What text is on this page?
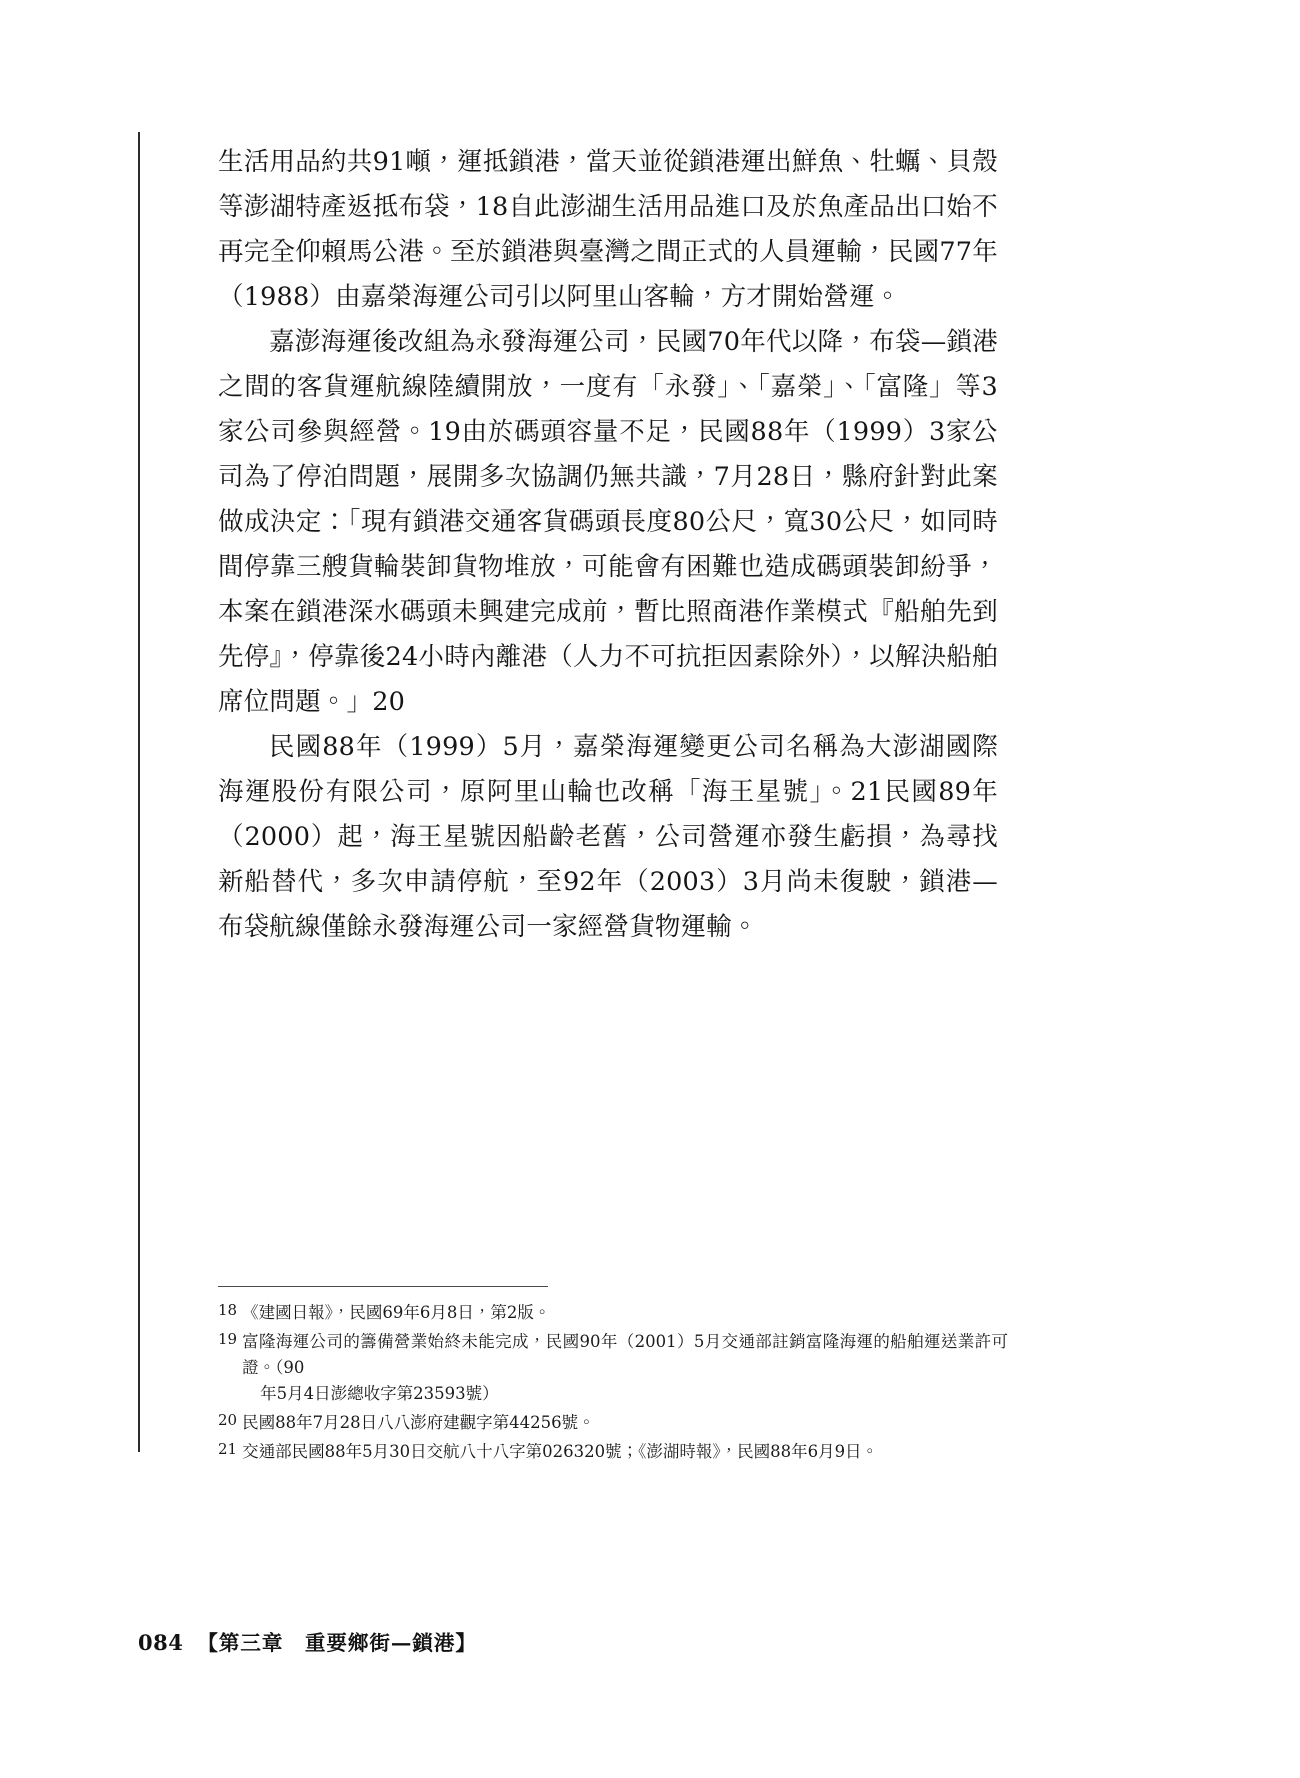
生活用品約共91噸，運抵鎖港，當天並從鎖港運出鮮魚、牡蠣、貝殼等澎湖特產返抵布袋，18自此澎湖生活用品進口及於魚產品出口始不再完全仰賴馬公港。至於鎖港與臺灣之間正式的人員運輸，民國77年（1988）由嘉榮海運公司引以阿里山客輪，方才開始營運。

嘉澎海運後改組為永發海運公司，民國70年代以降，布袋—鎖港之間的客貨運航線陸續開放，一度有「永發」、「嘉榮」、「富隆」等3家公司參與經營。19由於碼頭容量不足，民國88年（1999）3家公司為了停泊問題，展開多次協調仍無共識，7月28日，縣府針對此案做成決定：「現有鎖港交通客貨碼頭長度80公尺，寬30公尺，如同時間停靠三艘貨輪裝卸貨物堆放，可能會有困難也造成碼頭裝卸紛爭，本案在鎖港深水碼頭未興建完成前，暫比照商港作業模式『船舶先到先停』，停靠後24小時內離港（人力不可抗拒因素除外），以解決船舶席位問題。」20

民國88年（1999）5月，嘉榮海運變更公司名稱為大澎湖國際海運股份有限公司，原阿里山輪也改稱「海王星號」。21民國89年（2000）起，海王星號因船齡老舊，公司營運亦發生虧損，為尋找新船替代，多次申請停航，至92年（2003）3月尚未復駛，鎖港—布袋航線僅餘永發海運公司一家經營貨物運輸。

18 《建國日報》，民國69年6月8日，第2版。
19 富隆海運公司的籌備營業始終未能完成，民國90年（2001）5月交通部註銷富隆海運的船舶運送業許可證。（90
年5月4日澎總收字第23593號）
20 民國88年7月28日八八澎府建觀字第44256號。
21 交通部民國88年5月30日交航八十八字第026320號；《澎湖時報》，民國88年6月9日。
084 【第三章　重要鄉街—鎖港】
